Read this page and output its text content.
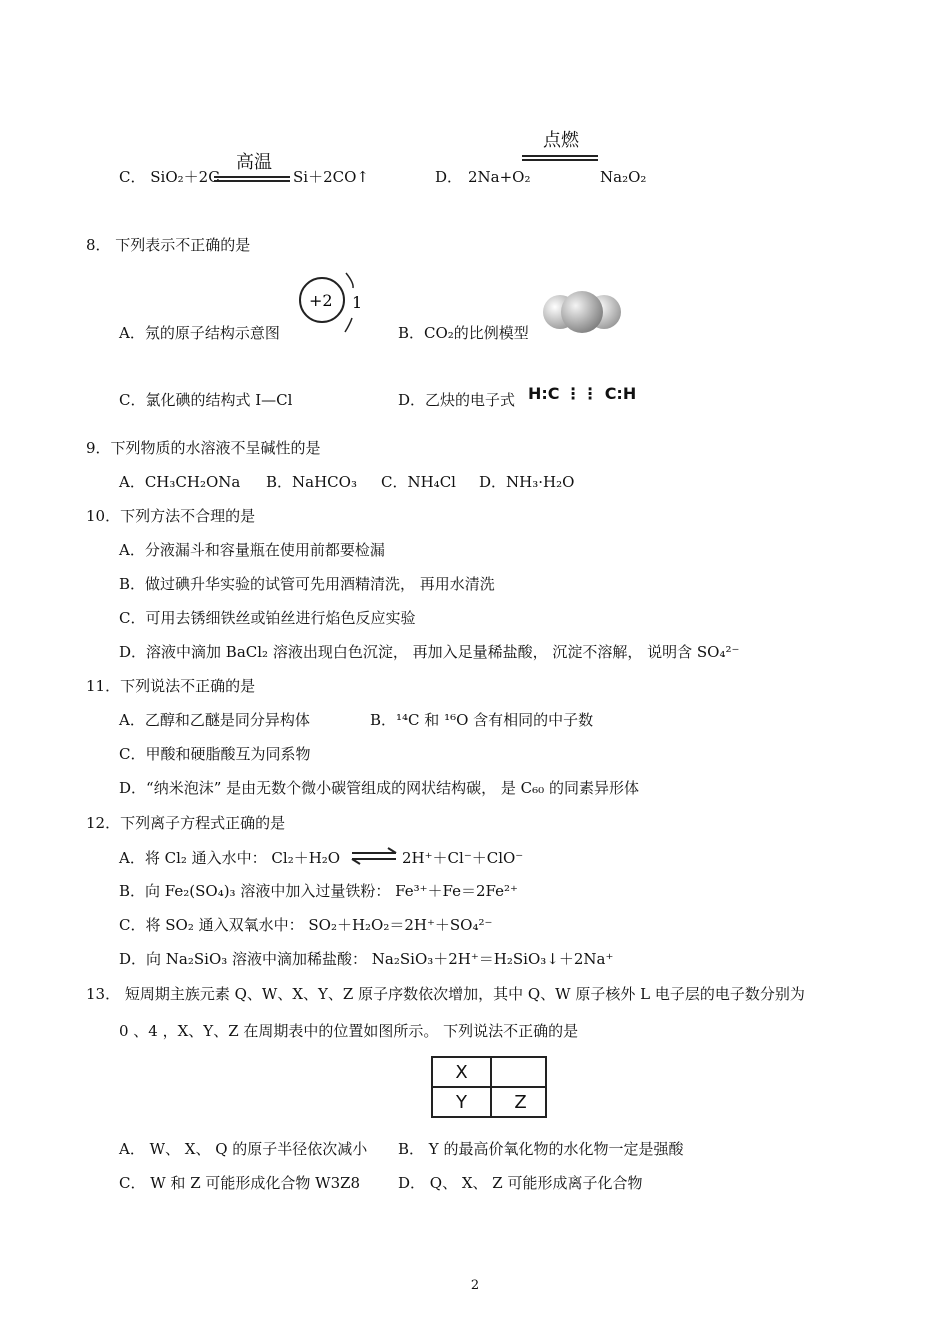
C． SiO₂＋2C
高温
Si＋2CO↑	D． 2Na+O₂
点燃
Na₂O₂
8． 下列表示不正确的是
+2 1
A．氖的原子结构示意图	B．CO₂的比例模型
C．氯化碘的结构式 I—Cl	D．乙炔的电子式 H:C ⋮⋮ C:H
9．下列物质的水溶液不呈碱性的是
A．CH₃CH₂ONa B．NaHCO₃ C．NH₄Cl D．NH₃·H₂O
10．下列方法不合理的是
A．分液漏斗和容量瓶在使用前都要检漏
B．做过碘升华实验的试管可先用酒精清洗， 再用水清洗
C．可用去锈细铁丝或铂丝进行焰色反应实验
D．溶液中滴加 BaCl₂ 溶液出现白色沉淀， 再加入足量稀盐酸， 沉淀不溶解， 说明含 SO₄²⁻
11．下列说法不正确的是
A．乙醇和乙醚是同分异构体	B．¹⁴C 和 ¹⁶O 含有相同的中子数
C．甲酸和硬脂酸互为同系物
D．“纳米泡沫” 是由无数个微小碳管组成的网状结构碳， 是 C₆₀ 的同素异形体
12．下列离子方程式正确的是
A．将 Cl₂ 通入水中： Cl₂＋H₂O ⇌ 2H⁺＋Cl⁻＋ClO⁻
B．向 Fe₂(SO₄)₃ 溶液中加入过量铁粉： Fe³⁺＋Fe＝2Fe²⁺
C．将 SO₂ 通入双氧水中： SO₂＋H₂O₂＝2H⁺＋SO₄²⁻
D．向 Na₂SiO₃ 溶液中滴加稀盐酸： Na₂SiO₃＋2H⁺＝H₂SiO₃↓＋2Na⁺
13． 短周期主族元素 Q、W、X、Y、Z 原子序数依次增加，其中 Q、W 原子核外 L 电子层的电子数分别为
0 、4 ，X、Y、Z 在周期表中的位置如图所示。 下列说法不正确的是
X
Y	Z
A． W、 X、 Q 的原子半径依次减小 B． Y 的最高价氧化物的水化物一定是强酸
C． W 和 Z 可能形成化合物 W3Z8	D． Q、 X、 Z 可能形成离子化合物
2
